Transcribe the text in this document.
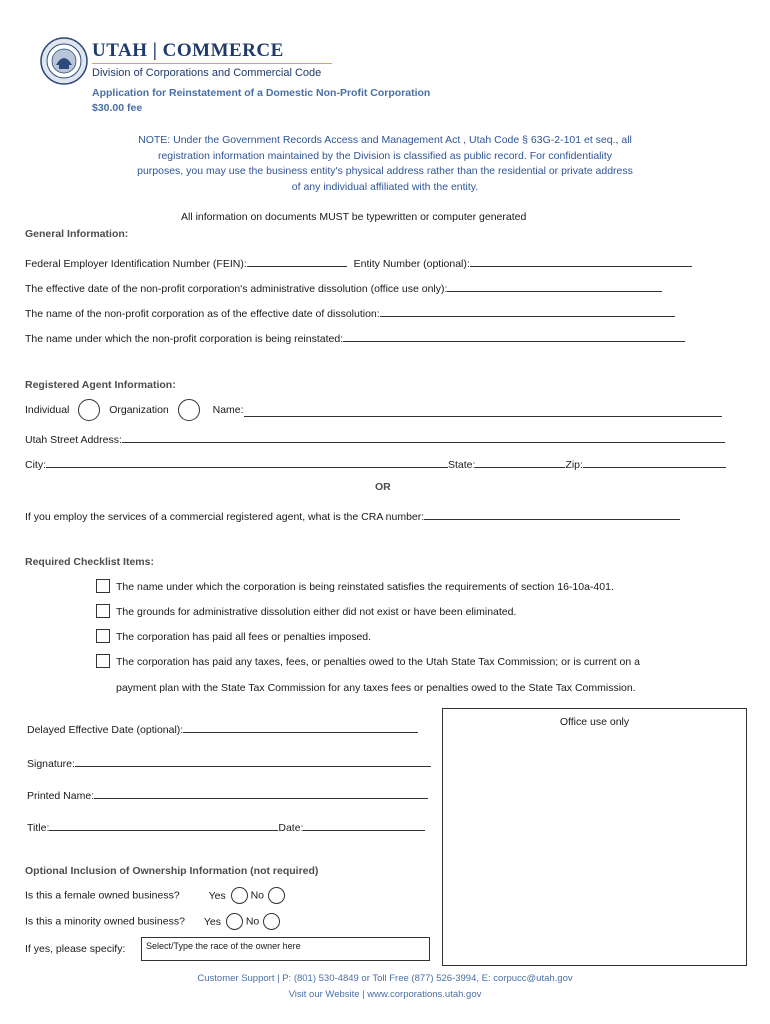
UTAH | COMMERCE
Division of Corporations and Commercial Code
Application for Reinstatement of a Domestic Non-Profit Corporation
$30.00 fee
NOTE: Under the Government Records Access and Management Act , Utah Code § 63G-2-101 et seq., all
registration information maintained by the Division is classified as public record. For confidentiality
purposes, you may use the business entity's physical address rather than the residential or private address
of any individual affiliated with the entity.
All information on documents MUST be typewritten or computer generated
General Information:
Federal Employer Identification Number (FEIN):	Entity Number (optional):
The effective date of the non-profit corporation's administrative dissolution (office use only):
The name of the non-profit corporation as of the effective date of dissolution:
The name under which the non-profit corporation is being reinstated:
Registered Agent Information:
Individual	Organization	Name:
Utah Street Address:
City:	State:	Zip:
OR
If you employ the services of a commercial registered agent, what is the CRA number:
Required Checklist Items:
The name under which the corporation is being reinstated satisfies the requirements of section 16-10a-401.
The grounds for administrative dissolution either did not exist or have been eliminated.
The corporation has paid all fees or penalties imposed.
The corporation has paid any taxes, fees, or penalties owed to the Utah State Tax Commission; or is current on a
payment plan with the State Tax Commission for any taxes fees or penalties owed to the State Tax Commission.
Delayed Effective Date (optional):
Signature:
Printed Name:
Title:	Date:
Office use only
Optional Inclusion of Ownership Information (not required)
Is this a female owned business?	Yes No
Is this a minority owned business? Yes No
If yes, please specify:	Select/Type the race of the owner here
Customer Support | P: (801) 530-4849 or Toll Free (877) 526-3994, E: corpucc@utah.gov
Visit our Website | www.corporations.utah.gov
